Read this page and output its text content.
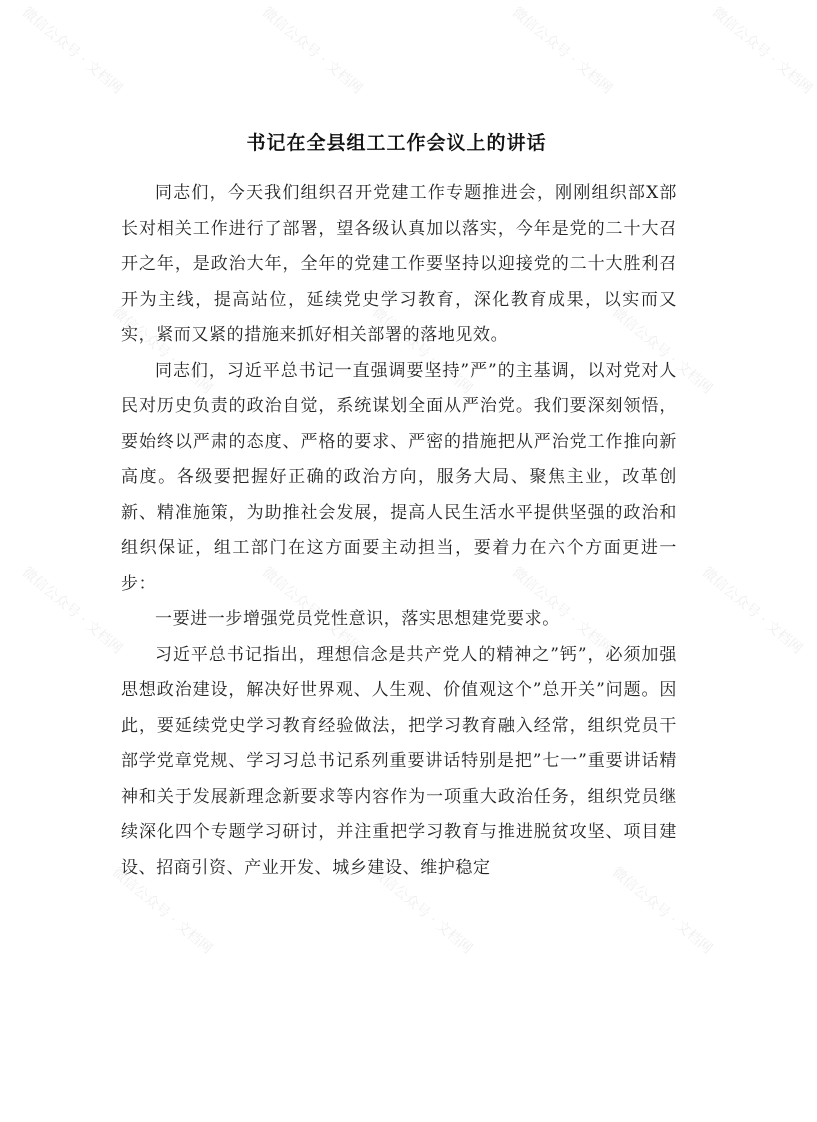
书记在全县组工工作会议上的讲话

同志们，今天我们组织召开党建工作专题推进会，刚刚组织部X部长对相关工作进行了部署，望各级认真加以落实，今年是党的二十大召开之年，是政治大年，全年的党建工作要坚持以迎接党的二十大胜利召开为主线，提高站位，延续党史学习教育，深化教育成果，以实而又实，紧而又紧的措施来抓好相关部署的落地见效。

同志们，习近平总书记一直强调要坚持”严”的主基调，以对党对人民对历史负责的政治自觉，系统谋划全面从严治党。我们要深刻领悟，要始终以严肃的态度、严格的要求、严密的措施把从严治党工作推向新高度。各级要把握好正确的政治方向，服务大局、聚焦主业，改革创新、精准施策，为助推社会发展，提高人民生活水平提供坚强的政治和组织保证，组工部门在这方面要主动担当，要着力在六个方面更进一步：

一要进一步增强党员党性意识，落实思想建党要求。

习近平总书记指出，理想信念是共产党人的精神之”钙”，必须加强思想政治建设，解决好世界观、人生观、价值观这个”总开关”问题。因此，要延续党史学习教育经验做法，把学习教育融入经常，组织党员干部学党章党规、学习习总书记系列重要讲话特别是把”七一”重要讲话精神和关于发展新理念新要求等内容作为一项重大政治任务，组织党员继续深化四个专题学习研讨，并注重把学习教育与推进脱贫攻坚、项目建设、招商引资、产业开发、城乡建设、维护稳定

微信公众号 · 文档网	微信公众号 · 文档网	微信公众号 · 文档网	微信公众号 · 文档网
微信公众号 · 文档网	微信公众号 · 文档网	微信公众号 · 文档网
微信公众号 · 文档网	微信公众号 · 文档网	微信公众号 · 文档网	微信公众号 · 文档网
微信公众号 · 文档网	微信公众号 · 文档网	微信公众号 · 文档网
